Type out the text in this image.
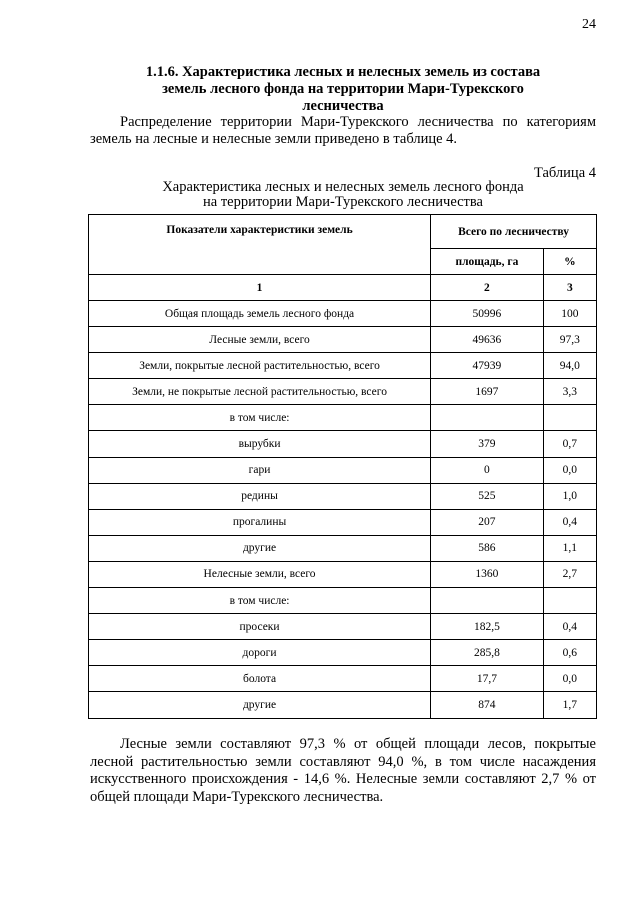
24
1.1.6. Характеристика лесных и нелесных земель из состава
земель лесного фонда на территории Мари-Турекского
лесничества

Распределение территории Мари-Турекского лесничества по категориям земель на лесные и нелесные земли приведено в таблице 4.

Таблица 4
Характеристика лесных и нелесных земель лесного фонда
на территории Мари-Турекского лесничества
Показатели характеристики земель	Всего по лесничеству	
	площадь, га	%
1	2	3
Общая площадь земель лесного фонда	50996	100
Лесные земли, всего	49636	97,3
Земли, покрытые лесной растительностью, всего	47939	94,0
Земли, не покрытые лесной растительностью, всего	1697	3,3
в том числе:		
вырубки	379	0,7
гари	0	0,0
редины	525	1,0
прогалины	207	0,4
другие	586	1,1
Нелесные земли, всего	1360	2,7
в том числе:		
просеки	182,5	0,4
дороги	285,8	0,6
болота	17,7	0,0
другие	874	1,7

Лесные земли составляют 97,3 % от общей площади лесов, покрытые лесной растительностью земли составляют 94,0 %, в том числе насаждения искусственного происхождения - 14,6 %. Нелесные земли составляют 2,7 % от общей площади Мари-Турекского лесничества.
